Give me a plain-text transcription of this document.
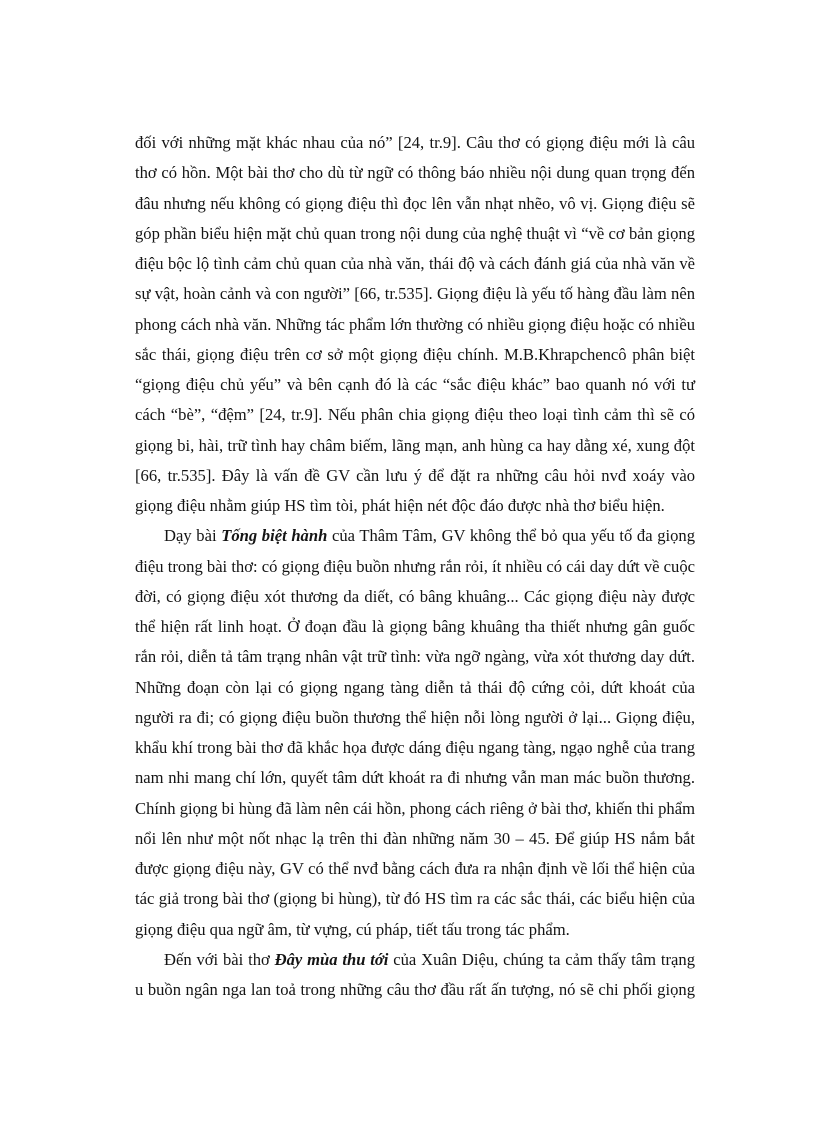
đối với những mặt khác nhau của nó” [24, tr.9]. Câu thơ có giọng điệu mới là câu
thơ có hồn. Một bài thơ cho dù từ ngữ có thông báo nhiều nội dung quan trọng đến
đâu nhưng nếu không có giọng điệu thì đọc lên vẫn nhạt nhẽo, vô vị. Giọng điệu sẽ
góp phần biểu hiện mặt chủ quan trong nội dung của nghệ thuật vì “về cơ bản giọng
điệu bộc lộ tình cảm chủ quan của nhà văn, thái độ và cách đánh giá của nhà văn về
sự vật, hoàn cảnh và con người” [66, tr.535]. Giọng điệu là yếu tố hàng đầu làm nên
phong cách nhà văn. Những tác phẩm lớn thường có nhiều giọng điệu hoặc có nhiều
sắc thái, giọng điệu trên cơ sở một giọng điệu chính. M.B.Khrapchencô phân biệt
“giọng điệu chủ yếu” và bên cạnh đó là các “sắc điệu khác” bao quanh nó với tư
cách “bè”, “đệm” [24, tr.9]. Nếu phân chia giọng điệu theo loại tình cảm thì sẽ có
giọng bi, hài, trữ tình hay châm biếm, lãng mạn, anh hùng ca hay dằng xé, xung đột
[66, tr.535]. Đây là vấn đề GV cần lưu ý để đặt ra những câu hỏi nvđ xoáy vào
giọng điệu nhằm giúp HS tìm tòi, phát hiện nét độc đáo được nhà thơ biểu hiện.
Dạy bài Tống biệt hành của Thâm Tâm, GV không thể bỏ qua yếu tố đa giọng
điệu trong bài thơ: có giọng điệu buồn nhưng rắn rỏi, ít nhiều có cái day dứt về cuộc
đời, có giọng điệu xót thương da diết, có bâng khuâng... Các giọng điệu này được
thể hiện rất linh hoạt. Ở đoạn đầu là giọng bâng khuâng tha thiết nhưng gân guốc
rắn rỏi, diễn tả tâm trạng nhân vật trữ tình: vừa ngỡ ngàng, vừa xót thương day dứt.
Những đoạn còn lại có giọng ngang tàng diễn tả thái độ cứng cỏi, dứt khoát của
người ra đi; có giọng điệu buồn thương thể hiện nỗi lòng người ở lại... Giọng điệu,
khẩu khí trong bài thơ đã khắc họa được dáng điệu ngang tàng, ngạo nghễ của trang
nam nhi mang chí lớn, quyết tâm dứt khoát ra đi nhưng vẫn man mác buồn thương.
Chính giọng bi hùng đã làm nên cái hồn, phong cách riêng ở bài thơ, khiến thi phẩm
nổi lên như một nốt nhạc lạ trên thi đàn những năm 30 – 45. Để giúp HS nắm bắt
được giọng điệu này, GV có thể nvđ bằng cách đưa ra nhận định về lối thể hiện của
tác giả trong bài thơ (giọng bi hùng), từ đó HS tìm ra các sắc thái, các biểu hiện của
giọng điệu qua ngữ âm, từ vựng, cú pháp, tiết tấu trong tác phẩm.
Đến với bài thơ Đây mùa thu tới của Xuân Diệu, chúng ta cảm thấy tâm trạng
u buồn ngân nga lan toả trong những câu thơ đầu rất ấn tượng, nó sẽ chi phối giọng
